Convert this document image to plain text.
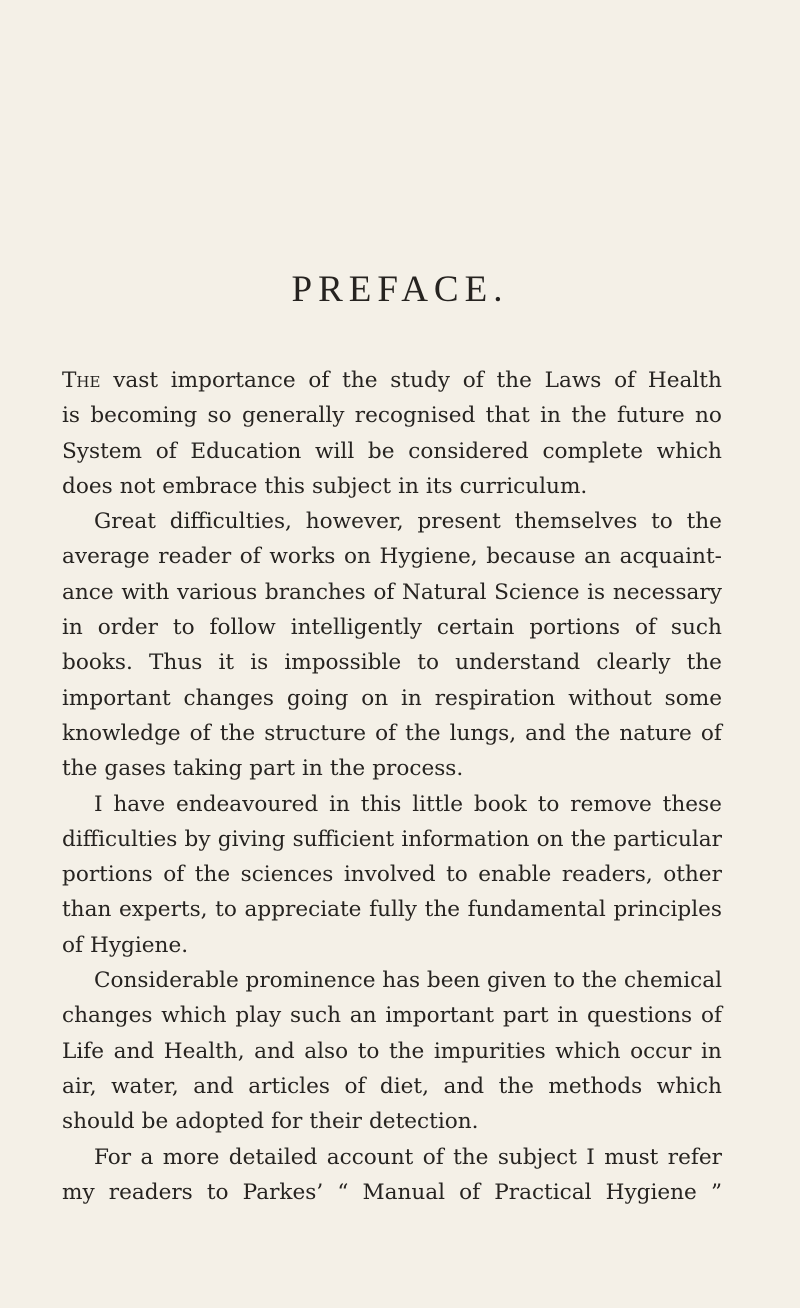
PREFACE.
The vast importance of the study of the Laws of Health
is becoming so generally recognised that in the future no
System of Education will be considered complete which
does not embrace this subject in its curriculum.
Great difficulties, however, present themselves to the
average reader of works on Hygiene, because an acquaint-
ance with various branches of Natural Science is necessary
in order to follow intelligently certain portions of such
books. Thus it is impossible to understand clearly the
important changes going on in respiration without some
knowledge of the structure of the lungs, and the nature of
the gases taking part in the process.
I have endeavoured in this little book to remove these
difficulties by giving sufficient information on the particular
portions of the sciences involved to enable readers, other
than experts, to appreciate fully the fundamental principles
of Hygiene.
Considerable prominence has been given to the chemical
changes which play such an important part in questions of
Life and Health, and also to the impurities which occur in
air, water, and articles of diet, and the methods which
should be adopted for their detection.
For a more detailed account of the subject I must refer
my readers to Parkes’ “ Manual of Practical Hygiene ”
